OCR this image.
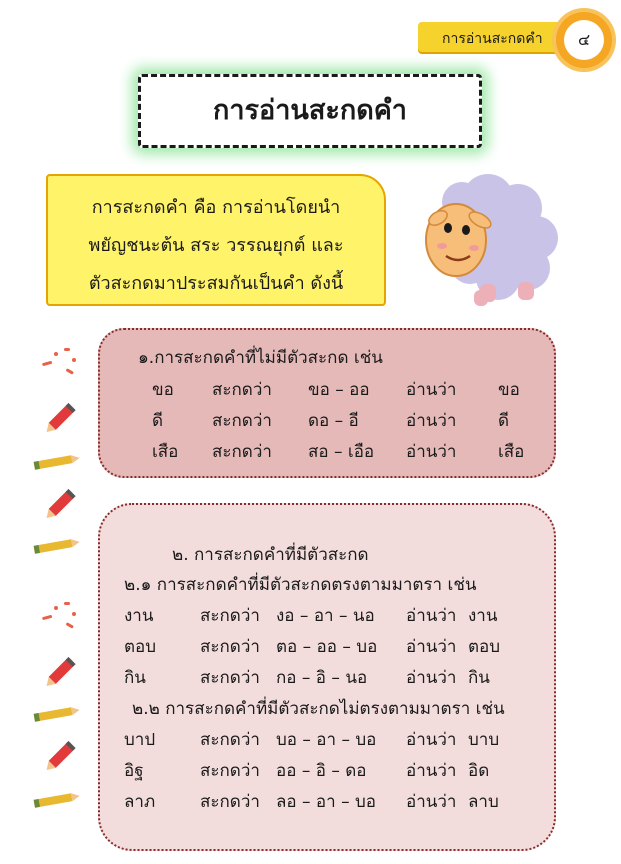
การอ่านสะกดคำ	๔
การอ่านสะกดคำ

การสะกดคำ คือ การอ่านโดยนำ

พยัญชนะต้น สระ วรรณยุกต์ และ

ตัวสะกดมาประสมกันเป็นคำ ดังนี้

๑.การสะกดคำที่ไม่มีตัวสะกด เช่น
ขอ สะกดว่า ขอ – ออ อ่านว่า ขอ
ดี	สะกดว่า ดอ – อี	อ่านว่า ดี
เสือ สะกดว่า สอ – เอือ อ่านว่า เสือ
๒. การสะกดคำที่มีตัวสะกด
๒.๑ การสะกดคำที่มีตัวสะกดตรงตามมาตรา เช่น
งาน	สะกดว่า งอ – อา – นอ อ่านว่า งาน
ตอบ	สะกดว่า ตอ – ออ – บอ อ่านว่า ตอบ
กิน	สะกดว่า กอ – อิ – นอ อ่านว่า กิน
๒.๒ การสะกดคำที่มีตัวสะกดไม่ตรงตามมาตรา เช่น
บาป	สะกดว่า บอ – อา – บอ อ่านว่า บาบ
อิฐ	สะกดว่า ออ – อิ – ดอ อ่านว่า อิด
ลาภ	สะกดว่า ลอ – อา – บอ อ่านว่า ลาบ
